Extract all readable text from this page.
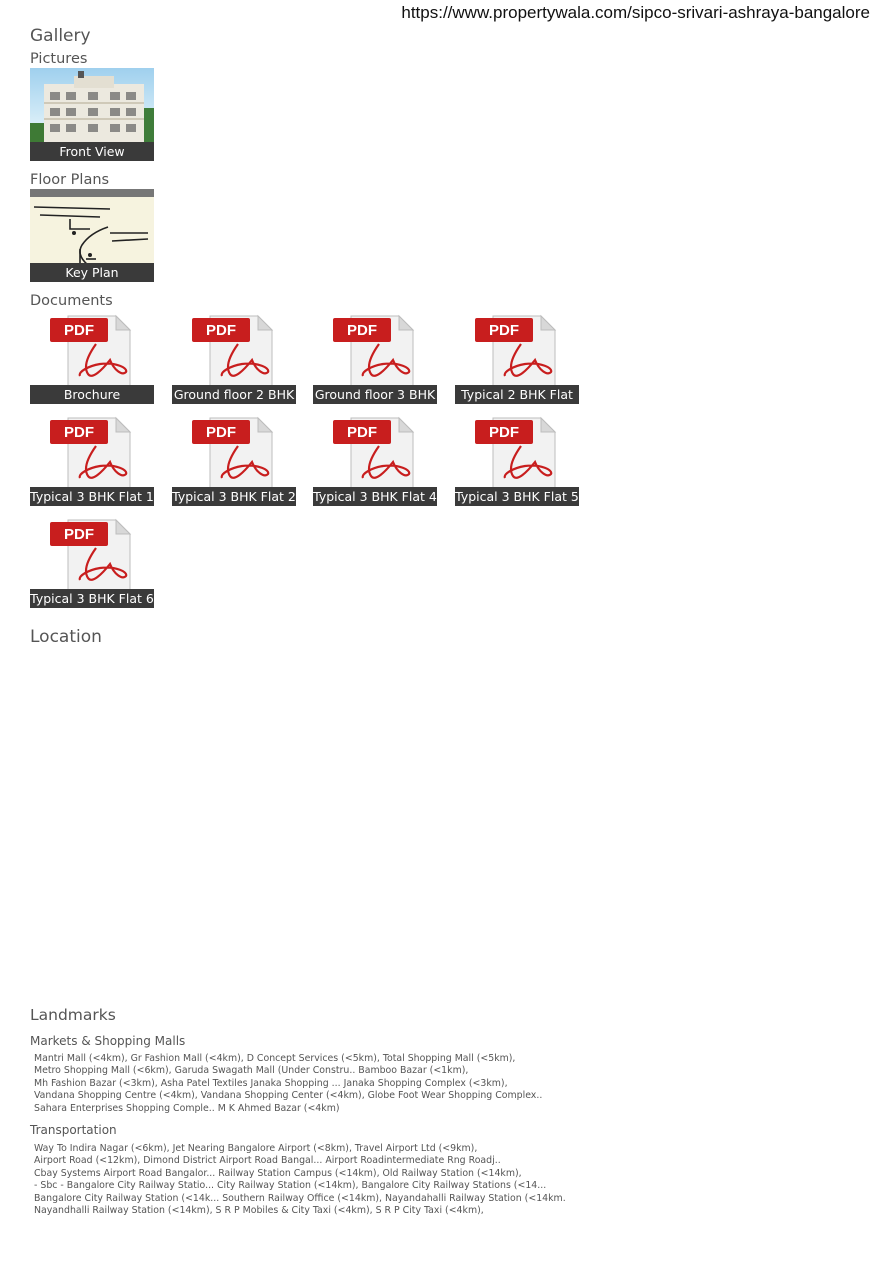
https://www.propertywala.com/sipco-srivari-ashraya-bangalore
Gallery
Pictures
Front View
Floor Plans
Key Plan
Documents
PDF
Brochure
PDF
Ground floor 2 BHK
PDF
Ground floor 3 BHK
PDF
Typical 2 BHK Flat
PDF
Typical 3 BHK Flat 1
PDF
Typical 3 BHK Flat 2
PDF
Typical 3 BHK Flat 4
PDF
Typical 3 BHK Flat 5
PDF
Typical 3 BHK Flat 6
Location
Landmarks
Markets & Shopping Malls
Mantri Mall (<4km), Gr Fashion Mall (<4km), D Concept Services (<5km), Total Shopping Mall (<5km),
Metro Shopping Mall (<6km), Garuda Swagath Mall (Under Constru.. Bamboo Bazar (<1km),
Mh Fashion Bazar (<3km), Asha Patel Textiles Janaka Shopping ... Janaka Shopping Complex (<3km),
Vandana Shopping Centre (<4km), Vandana Shopping Center (<4km), Globe Foot Wear Shopping Complex..
Sahara Enterprises Shopping Comple.. M K Ahmed Bazar (<4km)
Transportation
Way To Indira Nagar (<6km), Jet Nearing Bangalore Airport (<8km), Travel Airport Ltd (<9km),
Airport Road (<12km), Dimond District Airport Road Bangal... Airport Roadintermediate Rng Roadj..
Cbay Systems Airport Road Bangalor... Railway Station Campus (<14km), Old Railway Station (<14km),
- Sbc - Bangalore City Railway Statio... City Railway Station (<14km), Bangalore City Railway Stations (<14...
Bangalore City Railway Station (<14k... Southern Railway Office (<14km), Nayandahalli Railway Station (<14km.
Nayandhalli Railway Station (<14km), S R P Mobiles & City Taxi (<4km), S R P City Taxi (<4km),
